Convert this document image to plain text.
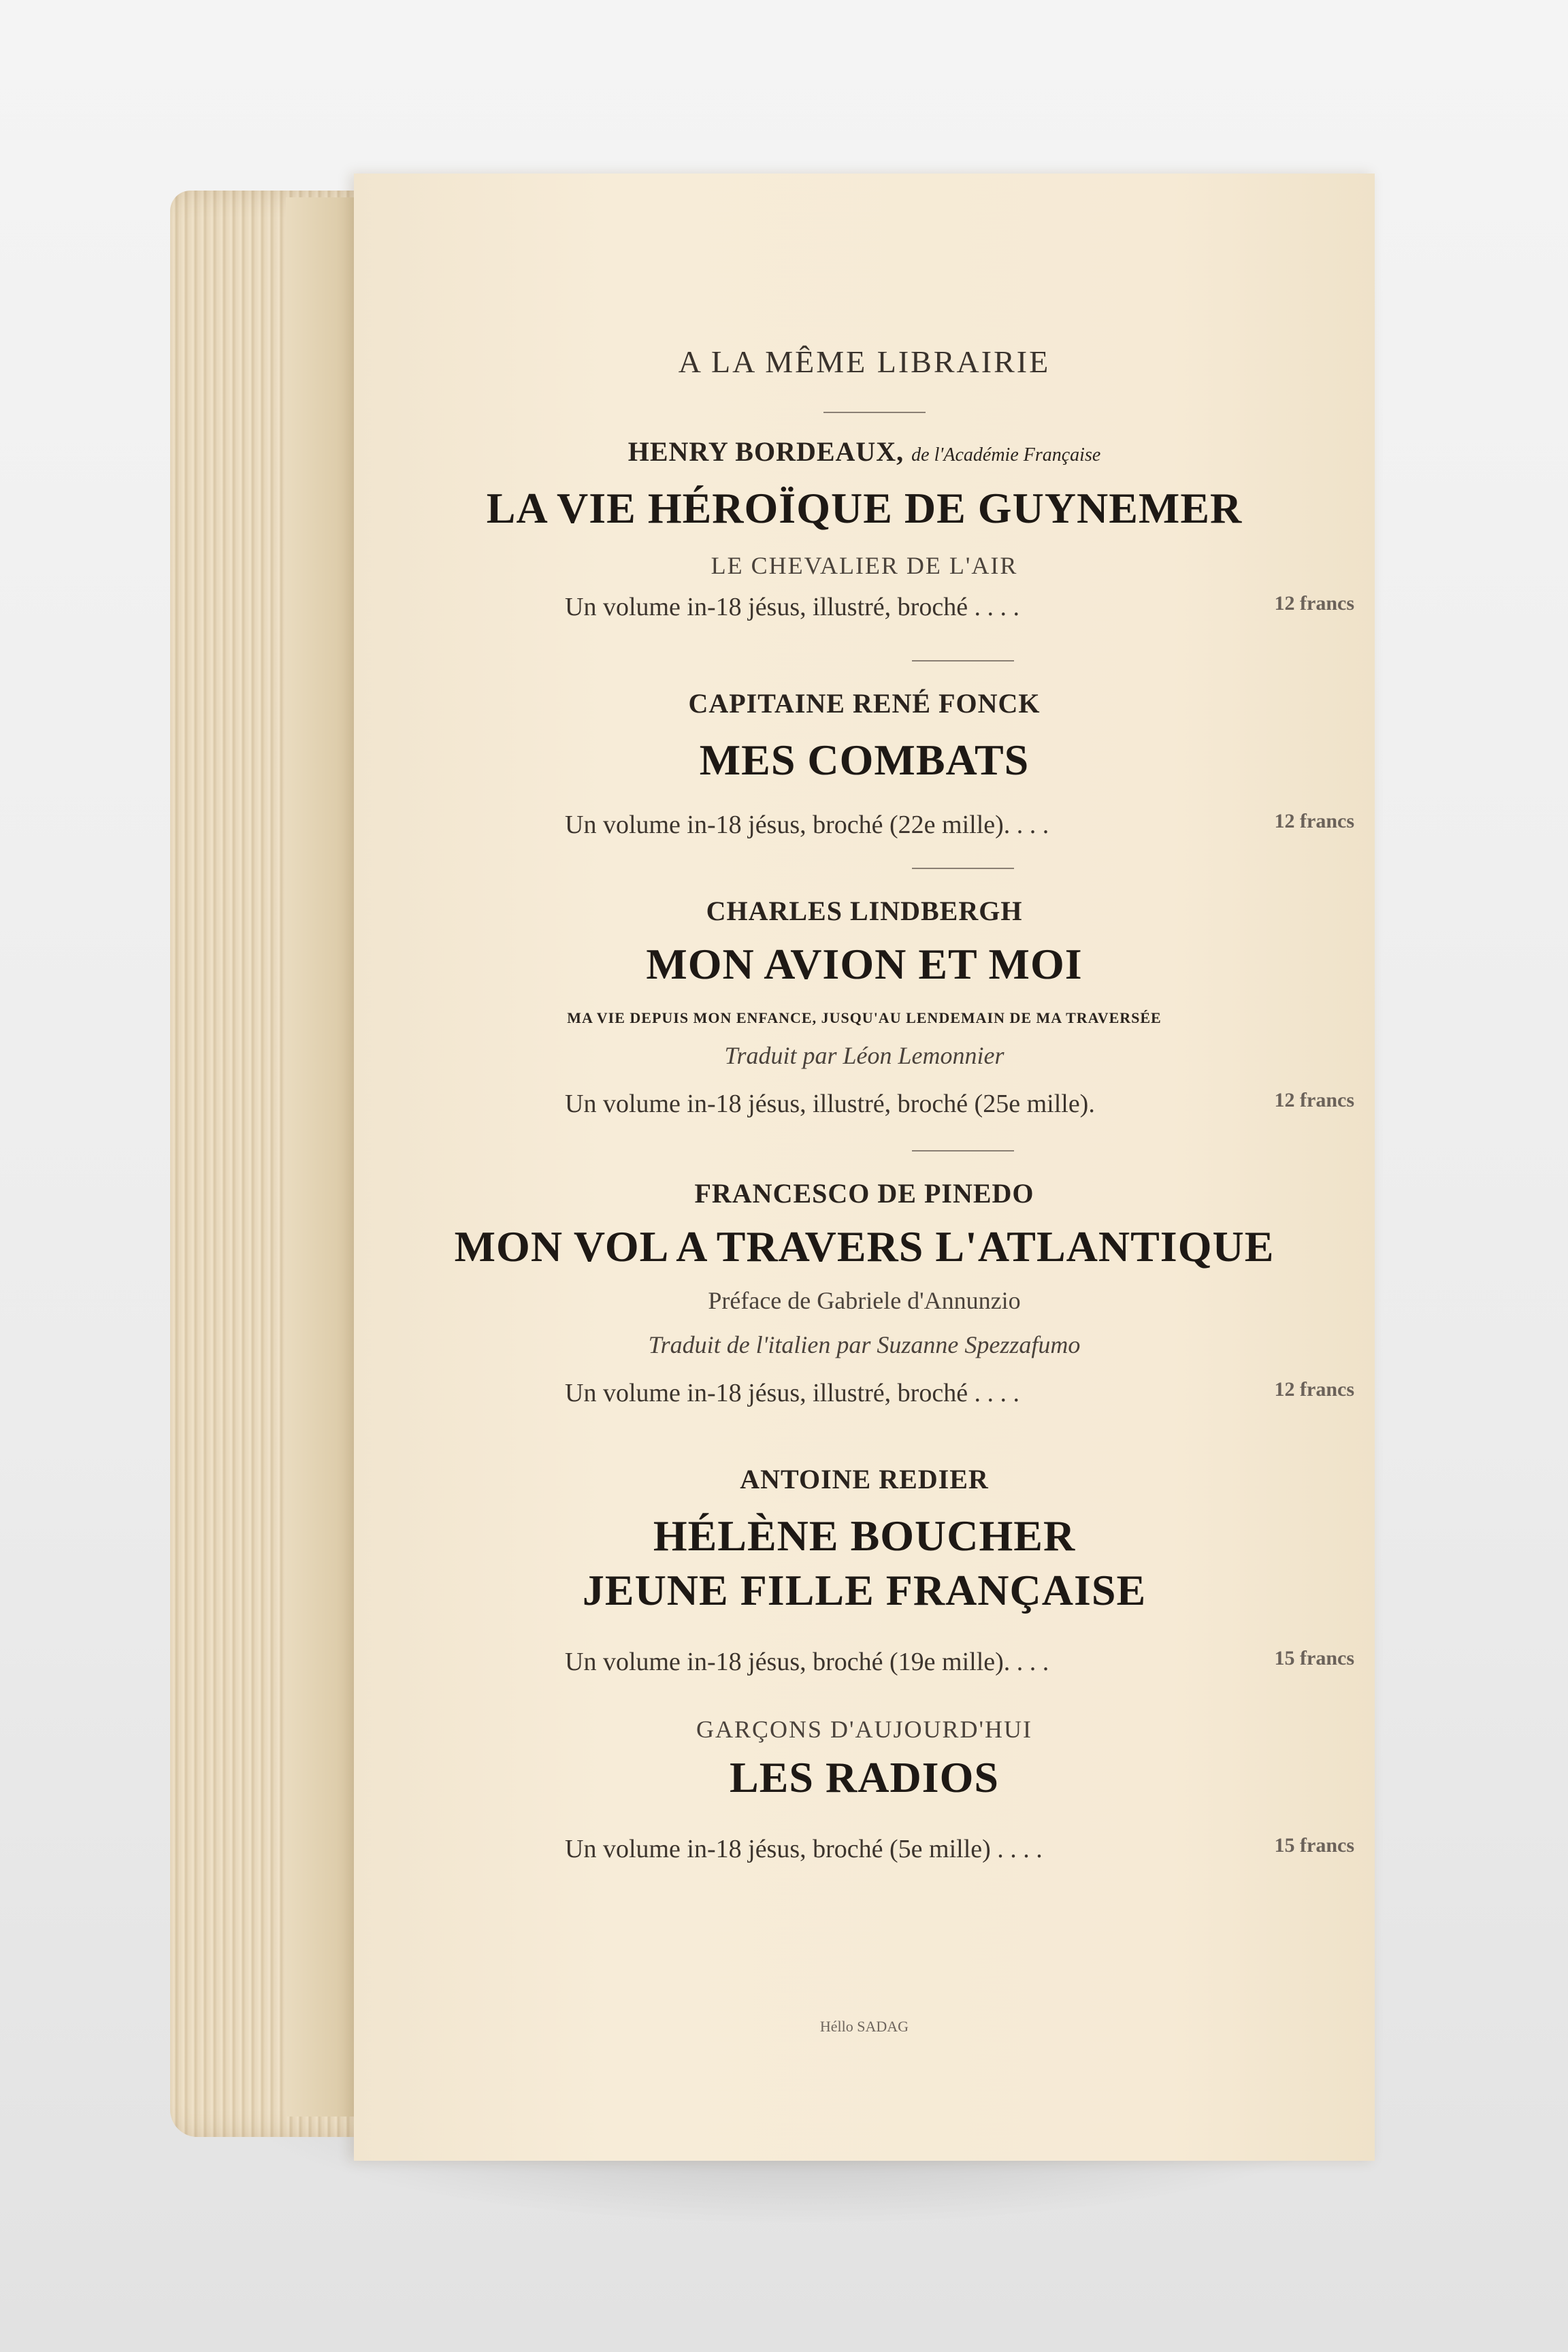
A LA MÊME LIBRAIRIE
HENRY BORDEAUX, de l'Académie Française
LA VIE HÉROÏQUE DE GUYNEMER
LE CHEVALIER DE L'AIR
Un volume in-18 jésus, illustré, broché . . . .	12 francs
CAPITAINE RENÉ FONCK
MES COMBATS
Un volume in-18 jésus, broché (22e mille). . . .	12 francs
CHARLES LINDBERGH
MON AVION ET MOI
MA VIE DEPUIS MON ENFANCE, JUSQU'AU LENDEMAIN DE MA TRAVERSÉE
Traduit par Léon Lemonnier
Un volume in-18 jésus, illustré, broché (25e mille).	12 francs
FRANCESCO DE PINEDO
MON VOL A TRAVERS L'ATLANTIQUE
Préface de Gabriele d'Annunzio
Traduit de l'italien par Suzanne Spezzafumo
Un volume in-18 jésus, illustré, broché . . . .	12 francs
ANTOINE REDIER
HÉLÈNE BOUCHER
JEUNE FILLE FRANÇAISE
Un volume in-18 jésus, broché (19e mille). . . .	15 francs
GARÇONS D'AUJOURD'HUI
LES RADIOS
Un volume in-18 jésus, broché (5e mille) . . . .	15 francs
Héllo SADAG
